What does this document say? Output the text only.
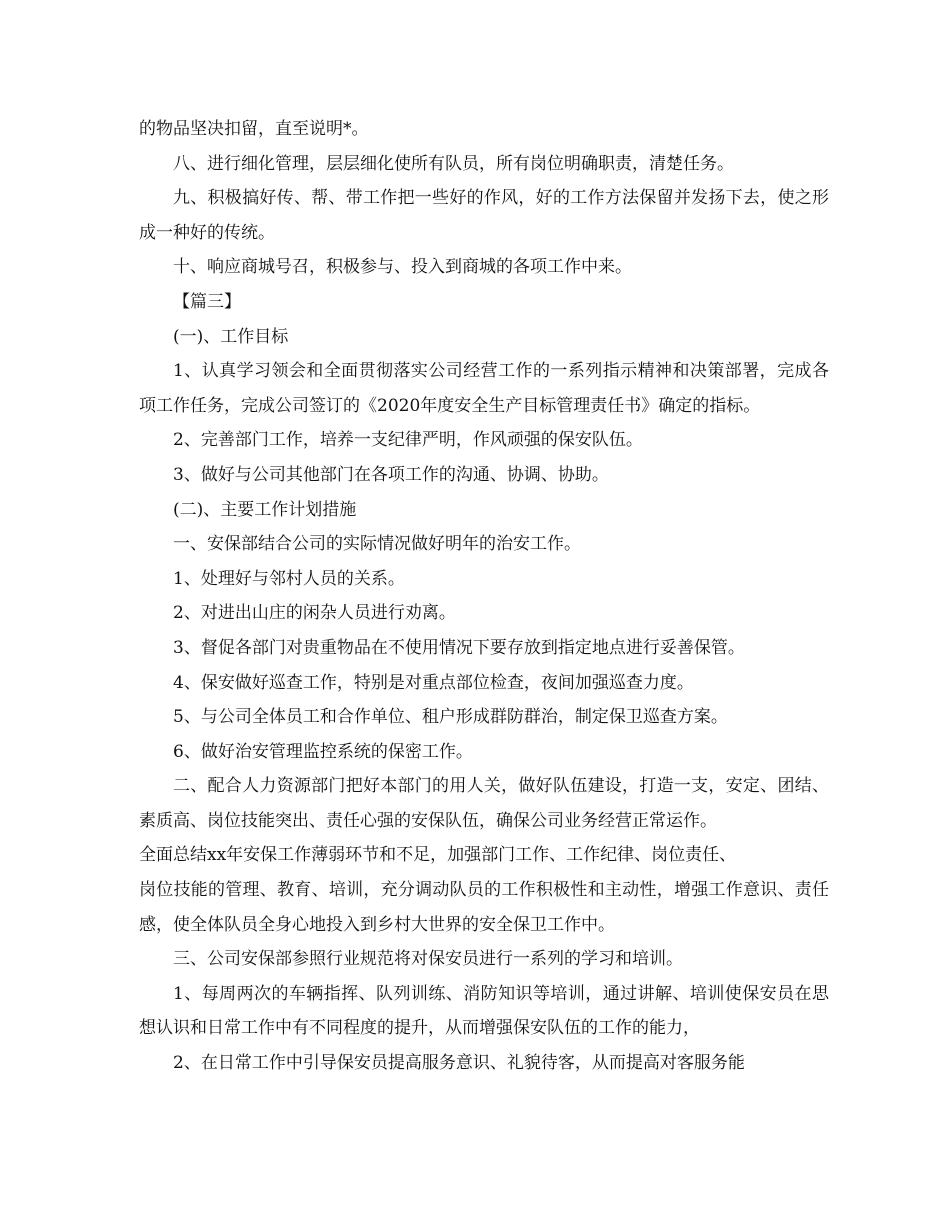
的物品坚决扣留，直至说明*。

八、进行细化管理，层层细化使所有队员，所有岗位明确职责，清楚任务。

九、积极搞好传、帮、带工作把一些好的作风，好的工作方法保留并发扬下去，使之形成一种好的传统。

十、响应商城号召，积极参与、投入到商城的各项工作中来。

【篇三】

(一)、工作目标

1、认真学习领会和全面贯彻落实公司经营工作的一系列指示精神和决策部署，完成各项工作任务，完成公司签订的《2020年度安全生产目标管理责任书》确定的指标。

2、完善部门工作，培养一支纪律严明，作风顽强的保安队伍。

3、做好与公司其他部门在各项工作的沟通、协调、协助。

(二)、主要工作计划措施

一、安保部结合公司的实际情况做好明年的治安工作。

1、处理好与邻村人员的关系。

2、对进出山庄的闲杂人员进行劝离。

3、督促各部门对贵重物品在不使用情况下要存放到指定地点进行妥善保管。

4、保安做好巡查工作，特别是对重点部位检查，夜间加强巡查力度。

5、与公司全体员工和合作单位、租户形成群防群治，制定保卫巡查方案。

6、做好治安管理监控系统的保密工作。

二、配合人力资源部门把好本部门的用人关，做好队伍建设，打造一支，安定、团结、素质高、岗位技能突出、责任心强的安保队伍，确保公司业务经营正常运作。

全面总结xx年安保工作薄弱环节和不足，加强部门工作、工作纪律、岗位责任、

岗位技能的管理、教育、培训，充分调动队员的工作积极性和主动性，增强工作意识、责任感，使全体队员全身心地投入到乡村大世界的安全保卫工作中。

三、公司安保部参照行业规范将对保安员进行一系列的学习和培训。

1、每周两次的车辆指挥、队列训练、消防知识等培训，通过讲解、培训使保安员在思想认识和日常工作中有不同程度的提升，从而增强保安队伍的工作的能力，

2、在日常工作中引导保安员提高服务意识、礼貌待客，从而提高对客服务能
